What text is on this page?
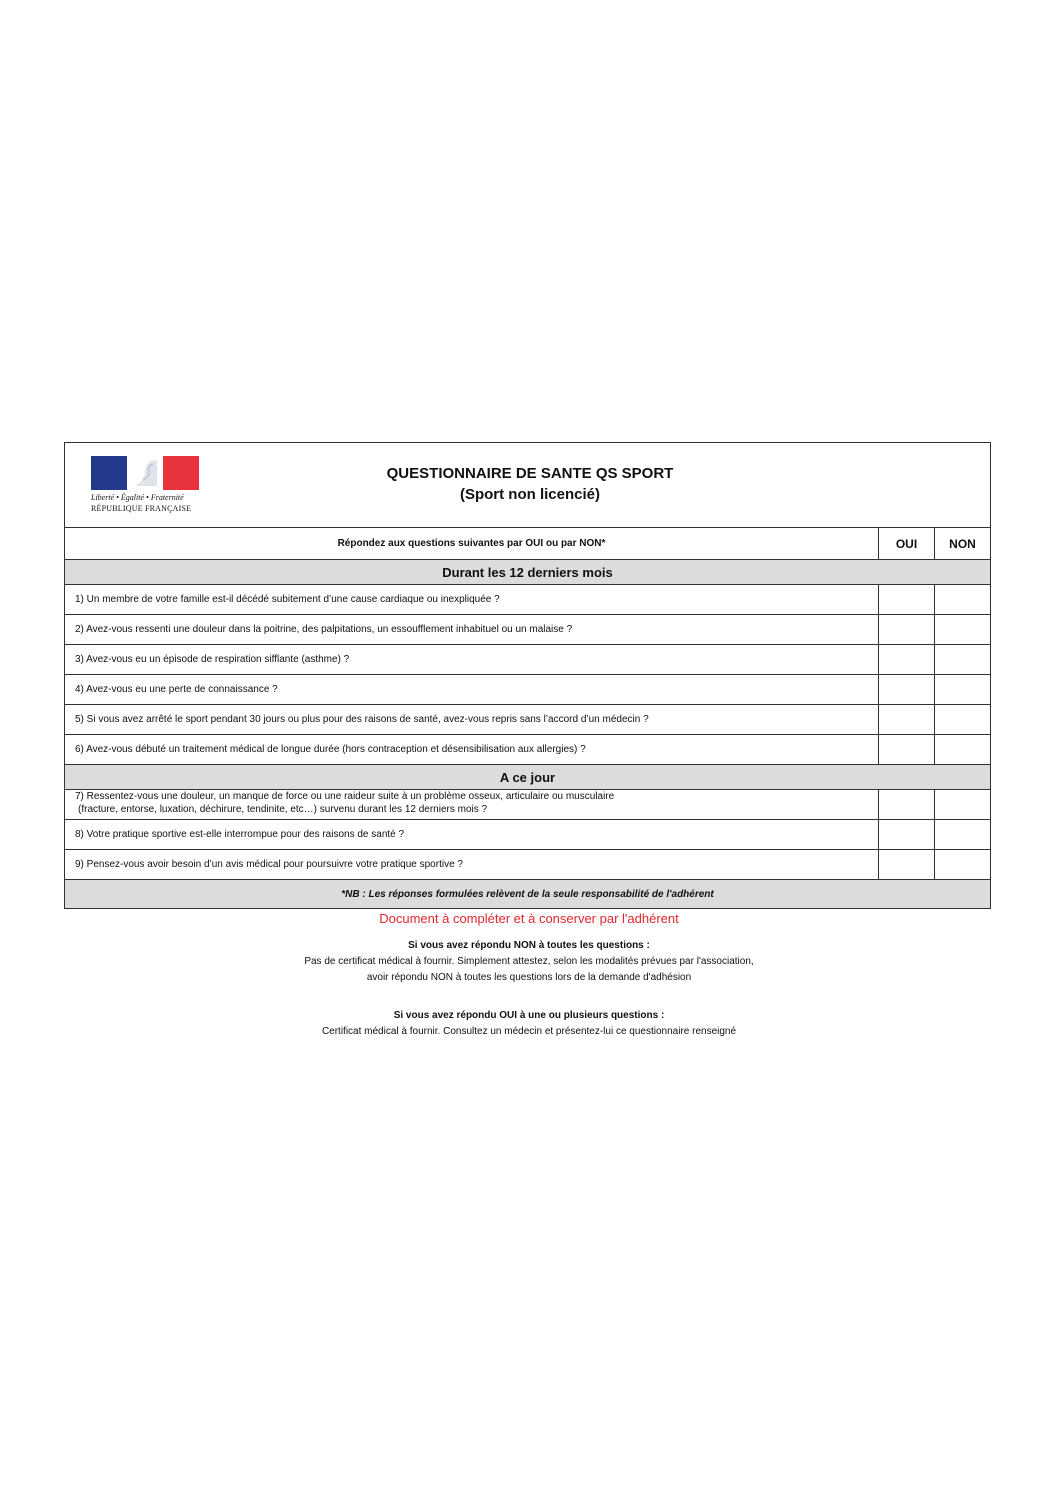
Liberté • Égalité • Fraternité
RÉPUBLIQUE FRANÇAISE
QUESTIONNAIRE DE SANTE QS SPORT
(Sport non licencié)
Répondez aux questions suivantes par OUI ou par NON*	OUI	NON
Durant les 12 derniers mois
1) Un membre de votre famille est-il décédé subitement d’une cause cardiaque ou inexpliquée ?
2) Avez-vous ressenti une douleur dans la poitrine, des palpitations, un essoufflement inhabituel ou un malaise ?
3) Avez-vous eu un épisode de respiration sifflante (asthme) ?
4) Avez-vous eu une perte de connaissance ?
5) Si vous avez arrêté le sport pendant 30 jours ou plus pour des raisons de santé, avez-vous repris sans l’accord d’un médecin ?
6) Avez-vous débuté un traitement médical de longue durée (hors contraception et désensibilisation aux allergies) ?
A ce jour
7) Ressentez-vous une douleur, un manque de force ou une raideur suite à un problème osseux, articulaire ou musculaire
(fracture, entorse, luxation, déchirure, tendinite, etc…) survenu durant les 12 derniers mois ?
8) Votre pratique sportive est-elle interrompue pour des raisons de santé ?
9) Pensez-vous avoir besoin d’un avis médical pour poursuivre votre pratique sportive ?
*NB : Les réponses formulées relèvent de la seule responsabilité de l'adhérent
Document à compléter et à conserver par l'adhérent
Si vous avez répondu NON à toutes les questions :
Pas de certificat médical à fournir. Simplement attestez, selon les modalités prévues par l'association,
avoir répondu NON à toutes les questions lors de la demande d'adhésion
Si vous avez répondu OUI à une ou plusieurs questions :
Certificat médical à fournir. Consultez un médecin et présentez-lui ce questionnaire renseigné
